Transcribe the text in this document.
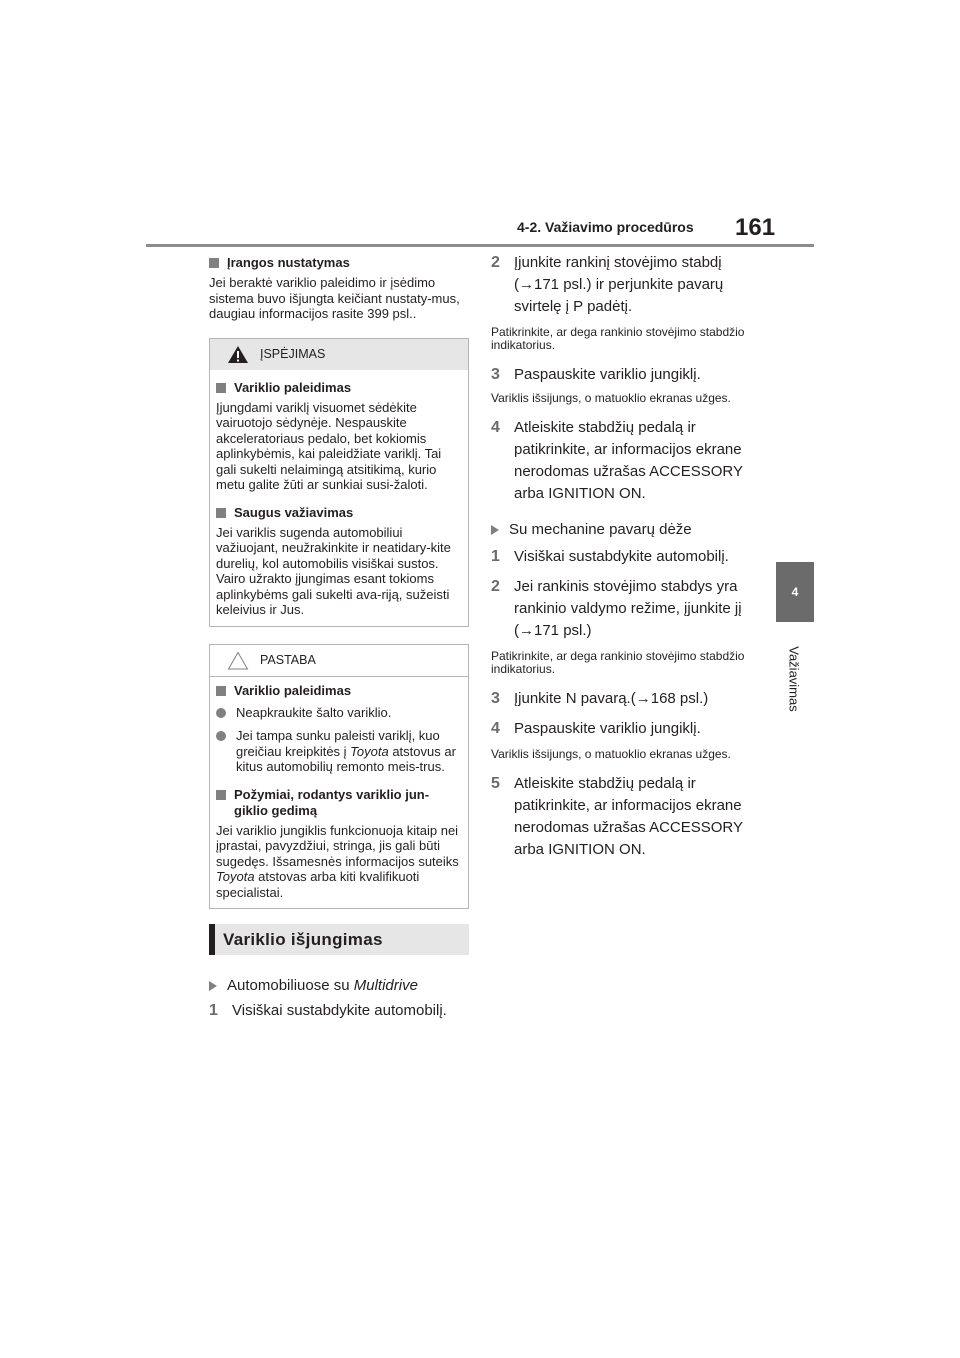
4-2. Važiavimo procedūros 161
4
Važiavimas
Įrangos nustatymas

Jei beraktė variklio paleidimo ir įsėdimo sistema buvo išjungta keičiant nustaty-mus, daugiau informacijos rasite 399 psl..

ĮSPĖJIMAS
Variklio paleidimas

Įjungdami variklį visuomet sėdėkite vairuotojo sėdynėje. Nespauskite akceleratoriaus pedalo, bet kokiomis aplinkybėmis, kai paleidžiate variklį. Tai gali sukelti nelaimingą atsitikimą, kurio metu galite žūti ar sunkiai susi-žaloti.

Saugus važiavimas

Jei variklis sugenda automobiliui važiuojant, neužrakinkite ir neatidary-kite durelių, kol automobilis visiškai sustos. Vairo užrakto įjungimas esant tokioms aplinkybėms gali sukelti ava-riją, sužeisti keleivius ir Jus.

PASTABA
Variklio paleidimas
Neapkraukite šalto variklio.
Jei tampa sunku paleisti variklį, kuo greičiau kreipkitės į Toyota atstovus ar kitus automobilių remonto meis-trus.
Požymiai, rodantys variklio jun-giklio gedimą

Jei variklio jungiklis funkcionuoja kitaip nei įprastai, pavyzdžiui, stringa, jis gali būti sugedęs. Išsamesnės informacijos suteiks Toyota atstovas arba kiti kvalifikuoti specialistai.

Variklio išjungimas
Automobiliuose su Multidrive
1 Visiškai sustabdykite automobilį.
2 Įjunkite rankinį stovėjimo stabdį (→171 psl.) ir perjunkite pavarų svirtelę į P padėtį.

Patikrinkite, ar dega rankinio stovėjimo stabdžio indikatorius.

3 Paspauskite variklio jungiklį.

Variklis išsijungs, o matuoklio ekranas užges.

4 Atleiskite stabdžių pedalą ir patikrinkite, ar informacijos ekrane nerodomas užrašas ACCESSORY arba IGNITION ON.
Su mechanine pavarų dėže
1 Visiškai sustabdykite automobilį.
2 Jei rankinis stovėjimo stabdys yra rankinio valdymo režime, įjunkite jį (→171 psl.)

Patikrinkite, ar dega rankinio stovėjimo stabdžio indikatorius.

3 Įjunkite N pavarą.(→168 psl.)
4 Paspauskite variklio jungiklį.

Variklis išsijungs, o matuoklio ekranas užges.

5 Atleiskite stabdžių pedalą ir patikrinkite, ar informacijos ekrane nerodomas užrašas ACCESSORY arba IGNITION ON.
